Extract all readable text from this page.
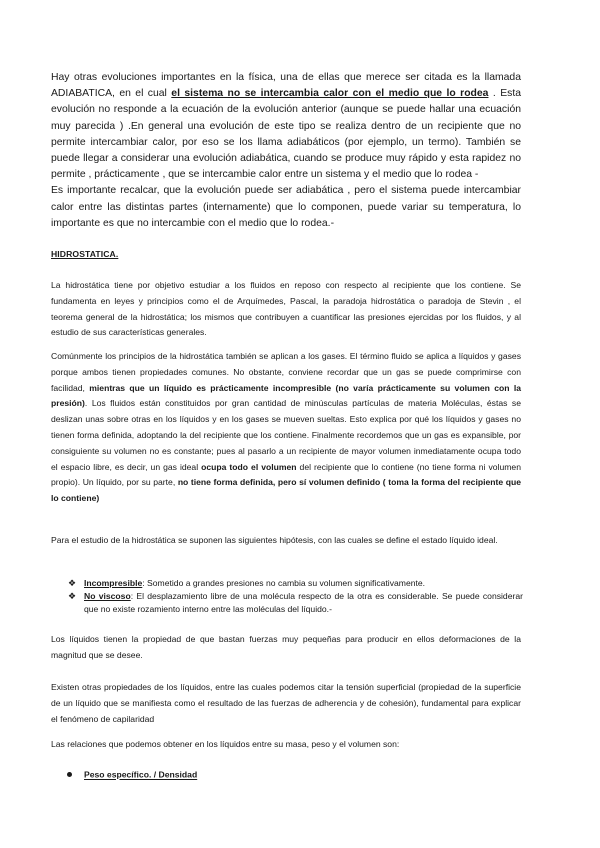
Hay otras evoluciones importantes en la física, una de ellas que merece ser citada es la llamada ADIABATICA, en el cual el sistema no se intercambia calor con el medio que lo rodea . Esta evolución no responde a la ecuación de la evolución anterior (aunque se puede hallar una ecuación muy parecida ) .En general una evolución de este tipo se realiza dentro de un recipiente que no permite intercambiar calor, por eso se los llama adiabáticos (por ejemplo, un termo). También se puede llegar a considerar una evolución adiabática, cuando se produce muy rápido y esta rapidez no permite , prácticamente , que se intercambie calor entre un sistema y el medio que lo rodea -

Es importante recalcar, que la evolución puede ser adiabática , pero el sistema puede intercambiar calor entre las distintas partes (internamente) que lo componen, puede variar su temperatura, lo importante es que no intercambie con el medio que lo rodea.-

HIDROSTATICA.

La hidrostática tiene por objetivo estudiar a los fluidos en reposo con respecto al recipiente que los contiene. Se fundamenta en leyes y principios como el de Arquímedes, Pascal, la paradoja hidrostática o paradoja de Stevin , el teorema general de la hidrostática; los mismos que contribuyen a cuantificar las presiones ejercidas por los fluidos, y al estudio de sus características generales.

Comúnmente los principios de la hidrostática también se aplican a los gases. El término fluido se aplica a líquidos y gases porque ambos tienen propiedades comunes. No obstante, conviene recordar que un gas se puede comprimirse con facilidad, mientras que un líquido es prácticamente incompresible (no varía prácticamente su volumen con la presión). Los fluidos están constituidos por gran cantidad de minúsculas partículas de materia Moléculas, éstas se deslizan unas sobre otras en los líquidos y en los gases se mueven sueltas. Esto explica por qué los líquidos y gases no tienen forma definida, adoptando la del recipiente que los contiene. Finalmente recordemos que un gas es expansible, por consiguiente su volumen no es constante; pues al pasarlo a un recipiente de mayor volumen inmediatamente ocupa todo el espacio libre, es decir, un gas ideal ocupa todo el volumen del recipiente que lo contiene (no tiene forma ni volumen propio). Un líquido, por su parte, no tiene forma definida, pero sí volumen definido ( toma la forma del recipiente que lo contiene)

Para el estudio de la hidrostática se suponen las siguientes hipótesis, con las cuales se define el estado líquido ideal.

❖ Incompresible: Sometido a grandes presiones no cambia su volumen significativamente.
❖ No viscoso: El desplazamiento libre de una molécula respecto de la otra es considerable. Se puede considerar que no existe rozamiento interno entre las moléculas del líquido.-

Los líquidos tienen la propiedad de que bastan fuerzas muy pequeñas para producir en ellos deformaciones de la magnitud que se desee.

Existen otras propiedades de los líquidos, entre las cuales podemos citar la tensión superficial (propiedad de la superficie de un líquido que se manifiesta como el resultado de las fuerzas de adherencia y de cohesión), fundamental para explicar el fenómeno de capilaridad

Las relaciones que podemos obtener en los líquidos entre su masa, peso y el volumen son:

Peso específico. / Densidad
